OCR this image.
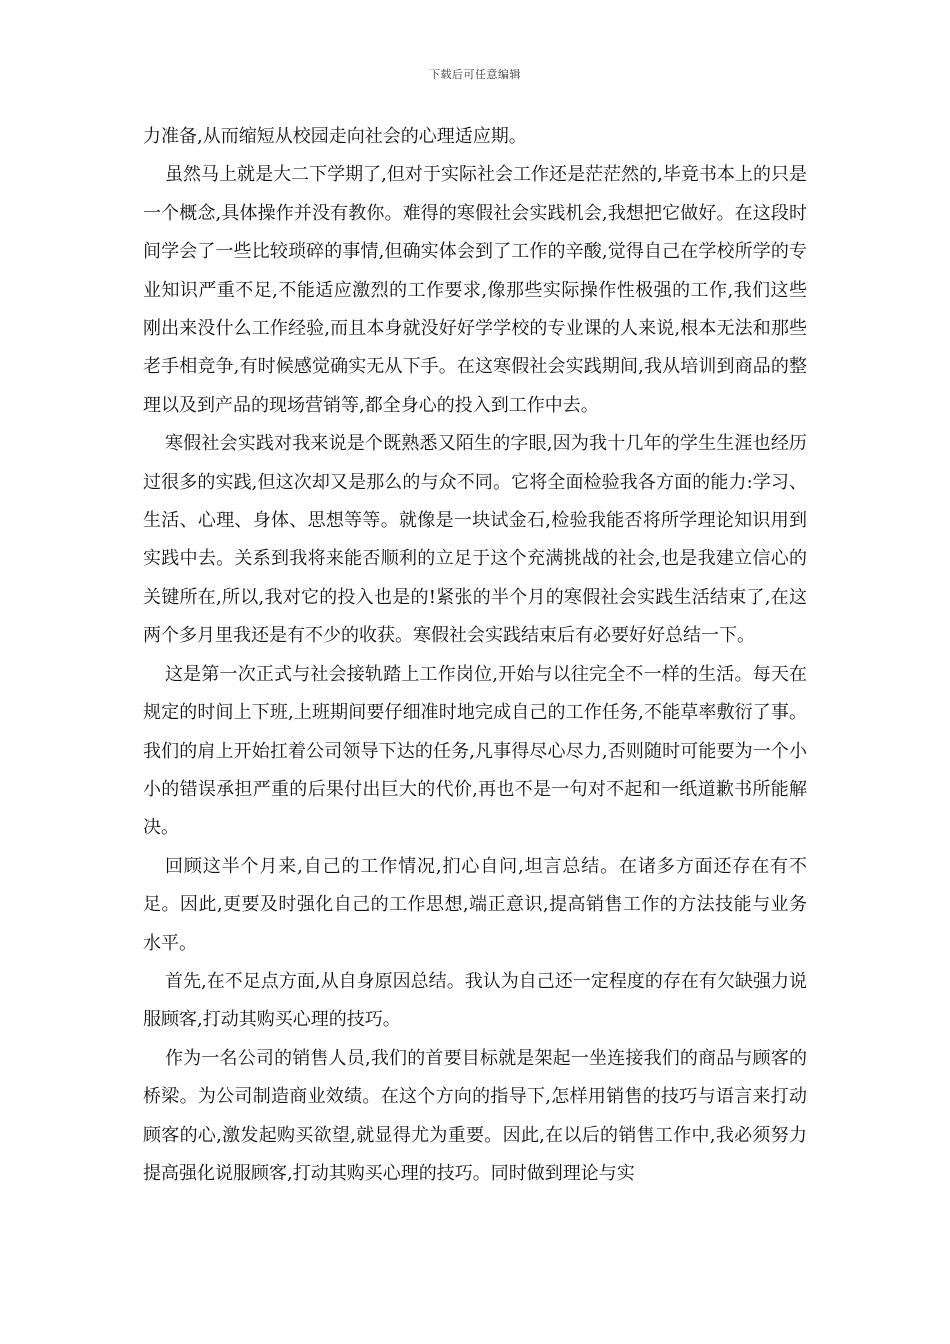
下载后可任意编辑

力准备,从而缩短从校园走向社会的心理适应期。

虽然马上就是大二下学期了,但对于实际社会工作还是茫茫然的,毕竟书本上的只是一个概念,具体操作并没有教你。难得的寒假社会实践机会,我想把它做好。在这段时间学会了一些比较琐碎的事情,但确实体会到了工作的辛酸,觉得自己在学校所学的专业知识严重不足,不能适应激烈的工作要求,像那些实际操作性极强的工作,我们这些刚出来没什么工作经验,而且本身就没好好学学校的专业课的人来说,根本无法和那些老手相竞争,有时候感觉确实无从下手。在这寒假社会实践期间,我从培训到商品的整理以及到产品的现场营销等,都全身心的投入到工作中去。

寒假社会实践对我来说是个既熟悉又陌生的字眼,因为我十几年的学生生涯也经历过很多的实践,但这次却又是那么的与众不同。它将全面检验我各方面的能力:学习、生活、心理、身体、思想等等。就像是一块试金石,检验我能否将所学理论知识用到实践中去。关系到我将来能否顺利的立足于这个充满挑战的社会,也是我建立信心的关键所在,所以,我对它的投入也是的!紧张的半个月的寒假社会实践生活结束了,在这两个多月里我还是有不少的收获。寒假社会实践结束后有必要好好总结一下。

这是第一次正式与社会接轨踏上工作岗位,开始与以往完全不一样的生活。每天在规定的时间上下班,上班期间要仔细准时地完成自己的工作任务,不能草率敷衍了事。我们的肩上开始扛着公司领导下达的任务,凡事得尽心尽力,否则随时可能要为一个小小的错误承担严重的后果付出巨大的代价,再也不是一句对不起和一纸道歉书所能解决。

回顾这半个月来,自己的工作情况,扪心自问,坦言总结。在诸多方面还存在有不足。因此,更要及时强化自己的工作思想,端正意识,提高销售工作的方法技能与业务水平。

首先,在不足点方面,从自身原因总结。我认为自己还一定程度的存在有欠缺强力说服顾客,打动其购买心理的技巧。

作为一名公司的销售人员,我们的首要目标就是架起一坐连接我们的商品与顾客的桥梁。为公司制造商业效绩。在这个方向的指导下,怎样用销售的技巧与语言来打动顾客的心,激发起购买欲望,就显得尤为重要。因此,在以后的销售工作中,我必须努力提高强化说服顾客,打动其购买心理的技巧。同时做到理论与实
